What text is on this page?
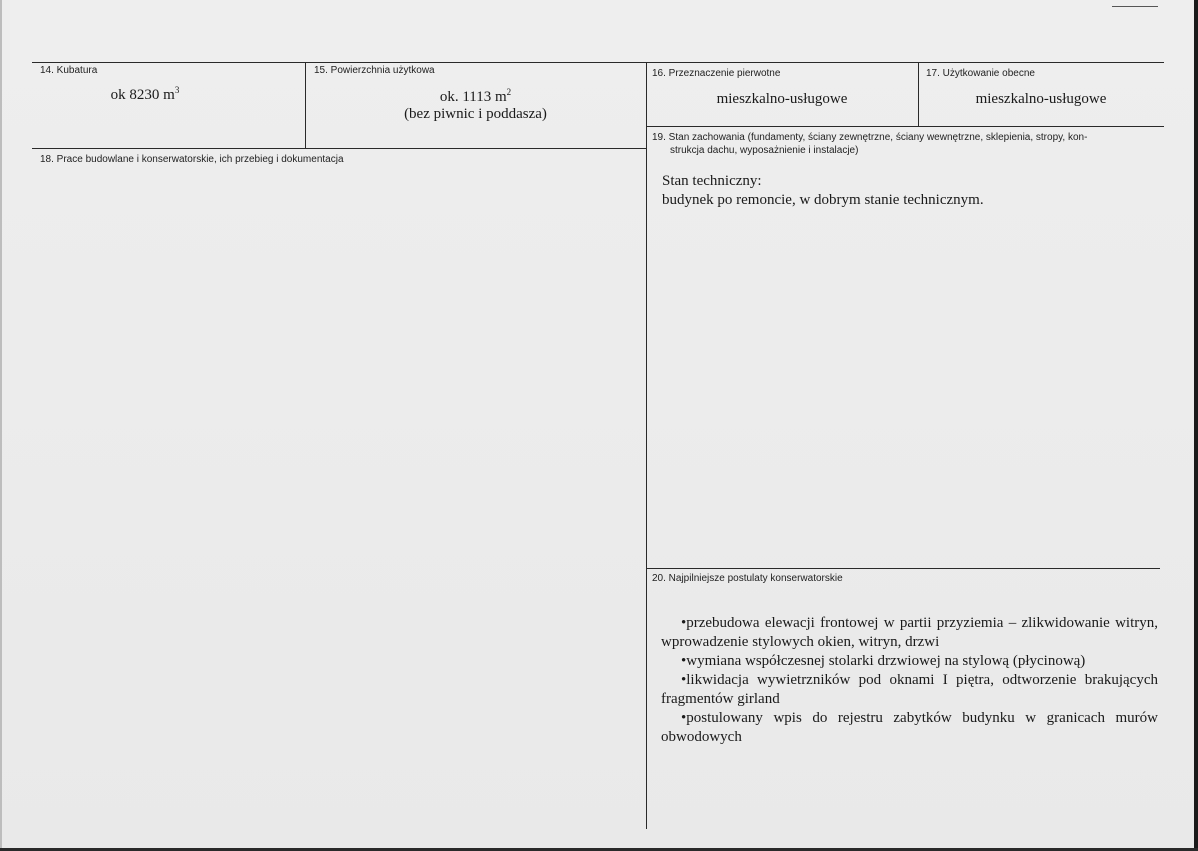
14. Kubatura
ok 8230 $m^3$
15. Powierzchnia użytkowa
ok. 1113 $m^2$
(bez piwnic i poddasza)
16. Przeznaczenie pierwotne
mieszkalno-usługowe
17. Użytkowanie obecne
mieszkalno-usługowe
18. Prace budowlane i konserwatorskie, ich przebieg i dokumentacja
19. Stan zachowania (fundamenty, ściany zewnętrzne, ściany wewnętrzne, sklepienia, stropy, kon-
strukcja dachu, wyposażnienie i instalacje)
Stan techniczny:
budynek po remoncie, w dobrym stanie technicznym.
20. Najpilniejsze postulaty konserwatorskie
•przebudowa elewacji frontowej w partii przyziemia – zlikwidowanie witryn, wprowadzenie stylowych okien, witryn, drzwi
•wymiana współczesnej stolarki drzwiowej na stylową (płycinową)
•likwidacja wywietrzników pod oknami I piętra, odtworzenie brakujących fragmentów girland
•postulowany wpis do rejestru zabytków budynku w granicach murów obwodowych
